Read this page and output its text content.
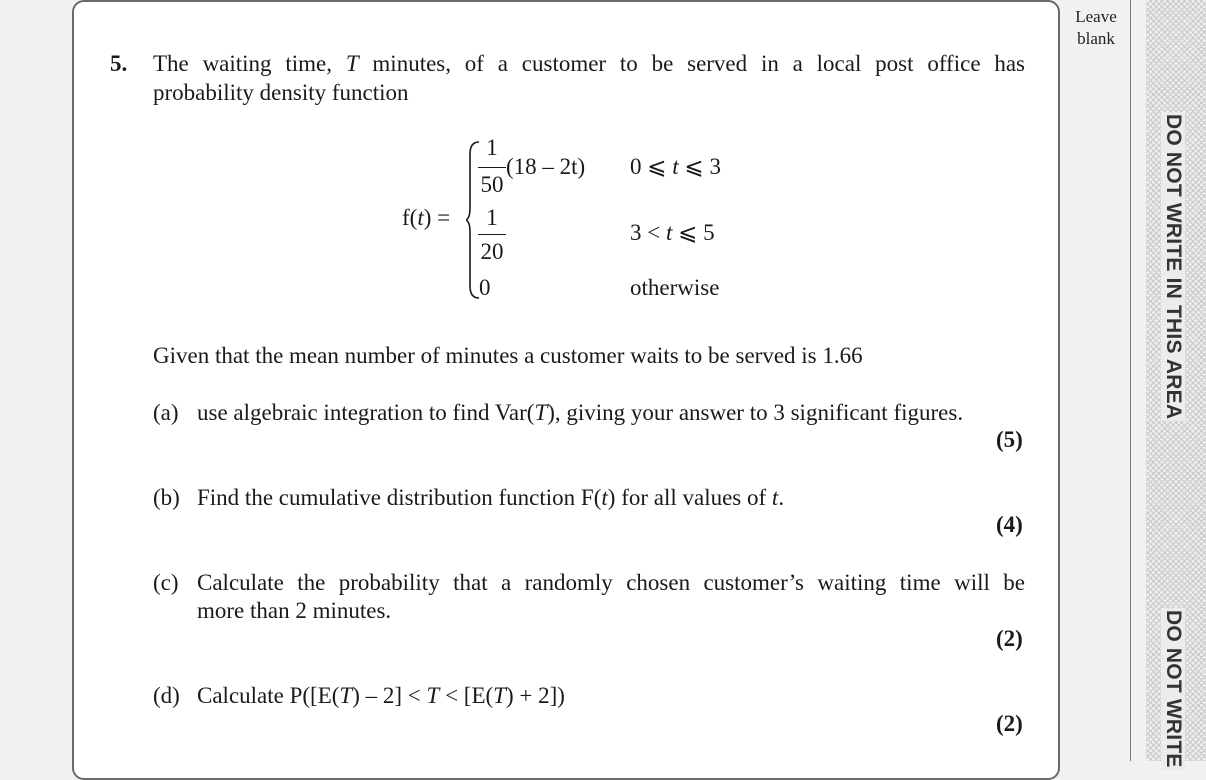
5. The waiting time, T minutes, of a customer to be served in a local post office has
probability density function
f(t) =
1
50
(18 – 2t) 0 ⩽ t ⩽ 3
1
20
3 < t ⩽ 5
0	otherwise
Given that the mean number of minutes a customer waits to be served is 1.66
(a) use algebraic integration to find Var(T), giving your answer to 3 significant figures.
(5)
(b) Find the cumulative distribution function F(t) for all values of t.
(4)
(c) Calculate the probability that a randomly chosen customer’s waiting time will be
more than 2 minutes.
(2)
(d) Calculate P([E(T) – 2] < T < [E(T) + 2])
(2)
Leave
blank
DO NOT WRITE IN THIS AREA
DO NOT WRITE
